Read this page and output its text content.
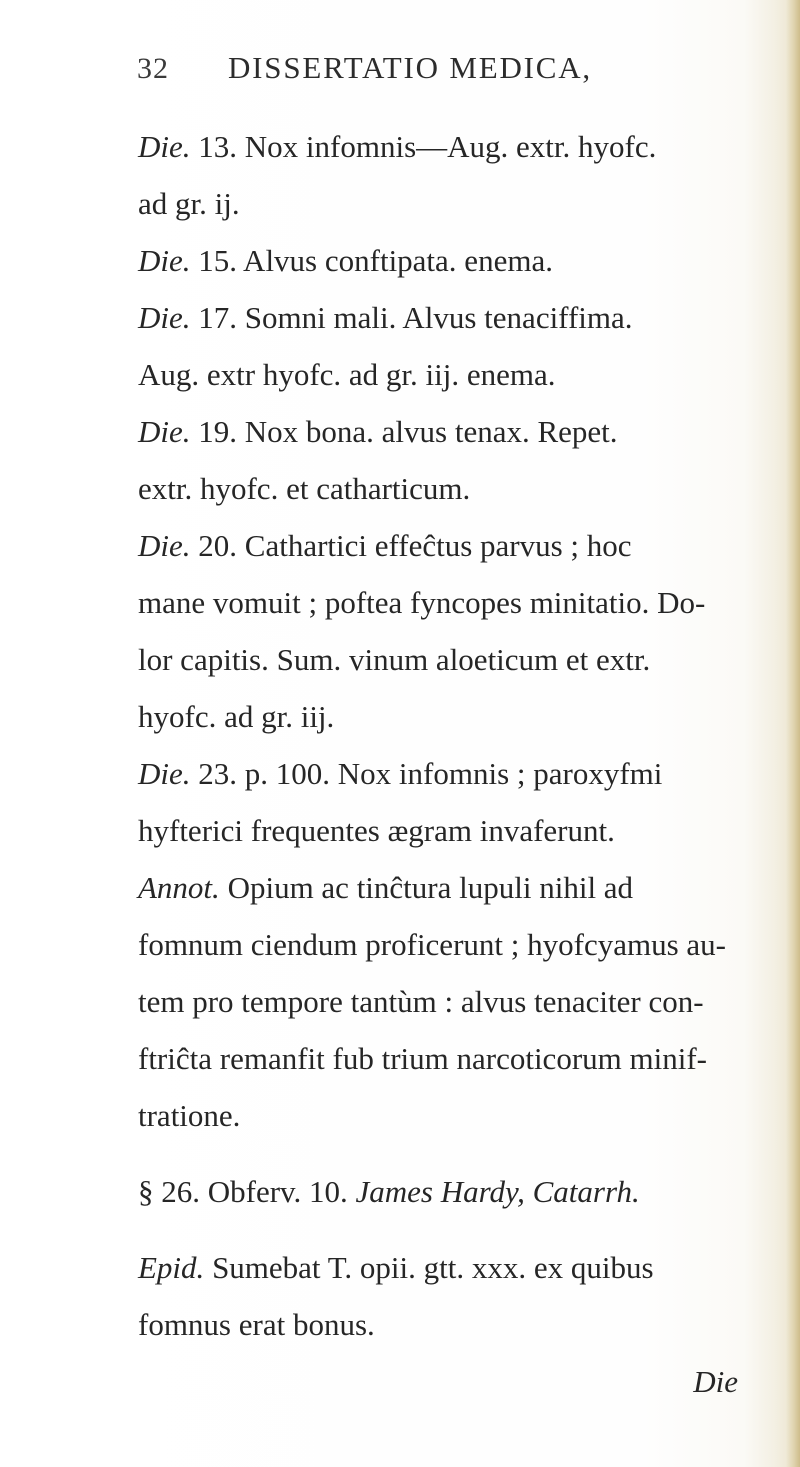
32 DISSERTATIO MEDICA,
Die. 13. Nox infomnis—Aug. extr. hyofc.
ad gr. ij.
Die. 15. Alvus conftipata. enema.
Die. 17. Somni mali. Alvus tenaciffima.
Aug. extr hyofc. ad gr. iij. enema.
Die. 19. Nox bona. alvus tenax. Repet.
extr. hyofc. et catharticum.
Die. 20. Cathartici effeĉtus parvus ; hoc
mane vomuit ; poftea fyncopes minitatio. Do-
lor capitis. Sum. vinum aloeticum et extr.
hyofc. ad gr. iij.
Die. 23. p. 100. Nox infomnis ; paroxyfmi
hyfterici frequentes ægram invaferunt.
Annot. Opium ac tinĉtura lupuli nihil ad
fomnum ciendum proficerunt ; hyofcyamus au-
tem pro tempore tantùm : alvus tenaciter con-
ftriĉta remanfit fub trium narcoticorum minif-
tratione.
§ 26. Obferv. 10. James Hardy, Catarrh.
Epid. Sumebat T. opii. gtt. xxx. ex quibus
fomnus erat bonus.
Die
